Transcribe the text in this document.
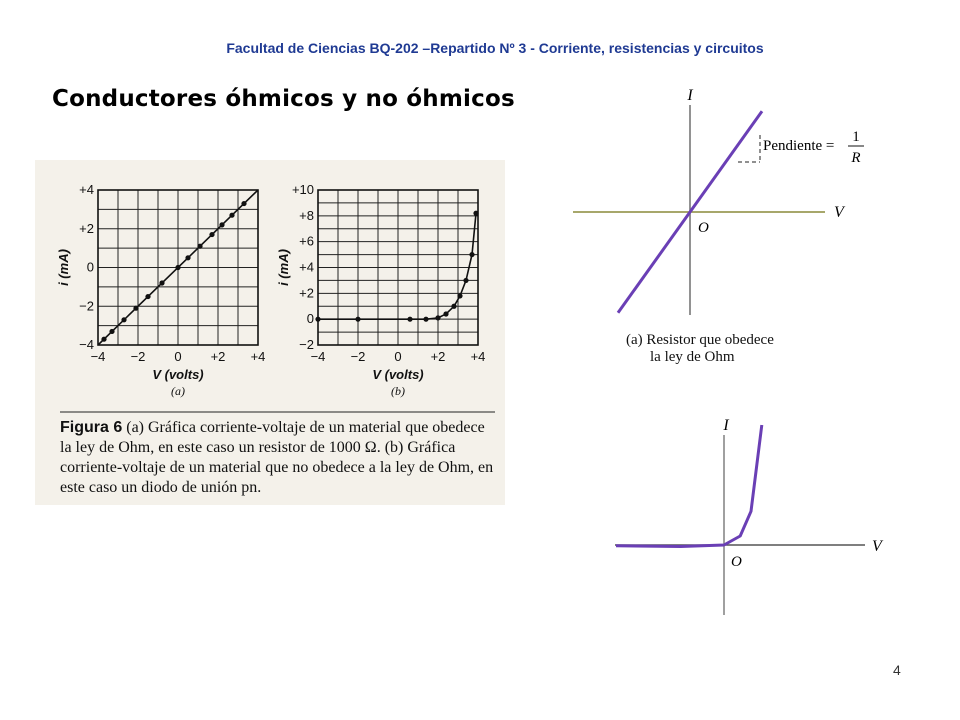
Facultad de Ciencias BQ-202 –Repartido Nº 3 - Corriente, resistencias y circuitos
Conductores óhmicos y no óhmicos
−4 −2 0 +2 +4
−4
−2
0
+2
+4
V (volts)
i (mA)
(a)
−4 −2 0 +2 +4
−2
0
+2
+4
+6
+8
+10
V (volts)
i (mA)
(b)
I
V
O
Pendiente =
1
R
I
V
O
Figura 6 (a) Gráfica corriente-voltaje de un material que obedece la ley de Ohm, en este caso un resistor de 1000 Ω. (b) Gráfica corriente-voltaje de un material que no obedece a la ley de Ohm, en este caso un diodo de unión pn.
(a) Resistor que obedece
la ley de Ohm
4
